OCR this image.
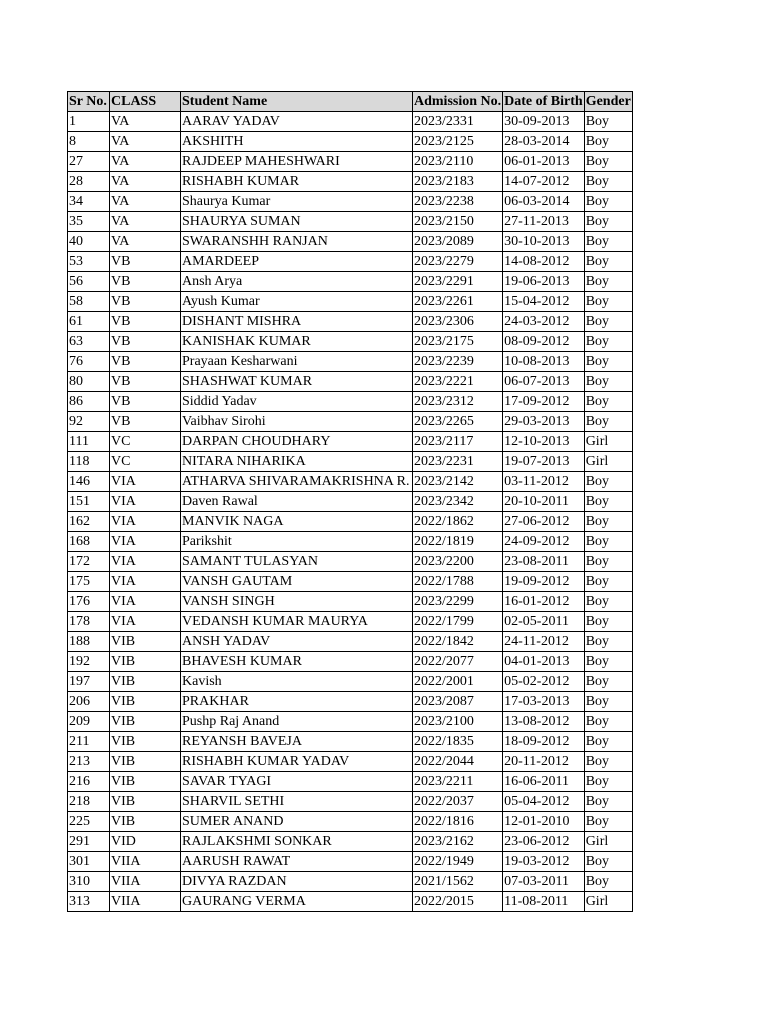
Sr No.	CLASS	Student Name	Admission No.	Date of Birth	Gender
1	VA	AARAV YADAV	2023/2331	30-09-2013	Boy
8	VA	AKSHITH	2023/2125	28-03-2014	Boy
27	VA	RAJDEEP MAHESHWARI	2023/2110	06-01-2013	Boy
28	VA	RISHABH KUMAR	2023/2183	14-07-2012	Boy
34	VA	Shaurya Kumar	2023/2238	06-03-2014	Boy
35	VA	SHAURYA SUMAN	2023/2150	27-11-2013	Boy
40	VA	SWARANSHH RANJAN	2023/2089	30-10-2013	Boy
53	VB	AMARDEEP	2023/2279	14-08-2012	Boy
56	VB	Ansh Arya	2023/2291	19-06-2013	Boy
58	VB	Ayush Kumar	2023/2261	15-04-2012	Boy
61	VB	DISHANT MISHRA	2023/2306	24-03-2012	Boy
63	VB	KANISHAK KUMAR	2023/2175	08-09-2012	Boy
76	VB	Prayaan Kesharwani	2023/2239	10-08-2013	Boy
80	VB	SHASHWAT KUMAR	2023/2221	06-07-2013	Boy
86	VB	Siddid Yadav	2023/2312	17-09-2012	Boy
92	VB	Vaibhav Sirohi	2023/2265	29-03-2013	Boy
111	VC	DARPAN CHOUDHARY	2023/2117	12-10-2013	Girl
118	VC	NITARA NIHARIKA	2023/2231	19-07-2013	Girl
146	VIA	ATHARVA SHIVARAMAKRISHNA R.	2023/2142	03-11-2012	Boy
151	VIA	Daven Rawal	2023/2342	20-10-2011	Boy
162	VIA	MANVIK NAGA	2022/1862	27-06-2012	Boy
168	VIA	Parikshit	2022/1819	24-09-2012	Boy
172	VIA	SAMANT TULASYAN	2023/2200	23-08-2011	Boy
175	VIA	VANSH GAUTAM	2022/1788	19-09-2012	Boy
176	VIA	VANSH SINGH	2023/2299	16-01-2012	Boy
178	VIA	VEDANSH KUMAR MAURYA	2022/1799	02-05-2011	Boy
188	VIB	ANSH YADAV	2022/1842	24-11-2012	Boy
192	VIB	BHAVESH KUMAR	2022/2077	04-01-2013	Boy
197	VIB	Kavish	2022/2001	05-02-2012	Boy
206	VIB	PRAKHAR	2023/2087	17-03-2013	Boy
209	VIB	Pushp Raj Anand	2023/2100	13-08-2012	Boy
211	VIB	REYANSH BAVEJA	2022/1835	18-09-2012	Boy
213	VIB	RISHABH KUMAR YADAV	2022/2044	20-11-2012	Boy
216	VIB	SAVAR TYAGI	2023/2211	16-06-2011	Boy
218	VIB	SHARVIL SETHI	2022/2037	05-04-2012	Boy
225	VIB	SUMER ANAND	2022/1816	12-01-2010	Boy
291	VID	RAJLAKSHMI SONKAR	2023/2162	23-06-2012	Girl
301	VIIA	AARUSH RAWAT	2022/1949	19-03-2012	Boy
310	VIIA	DIVYA RAZDAN	2021/1562	07-03-2011	Boy
313	VIIA	GAURANG VERMA	2022/2015	11-08-2011	Girl
